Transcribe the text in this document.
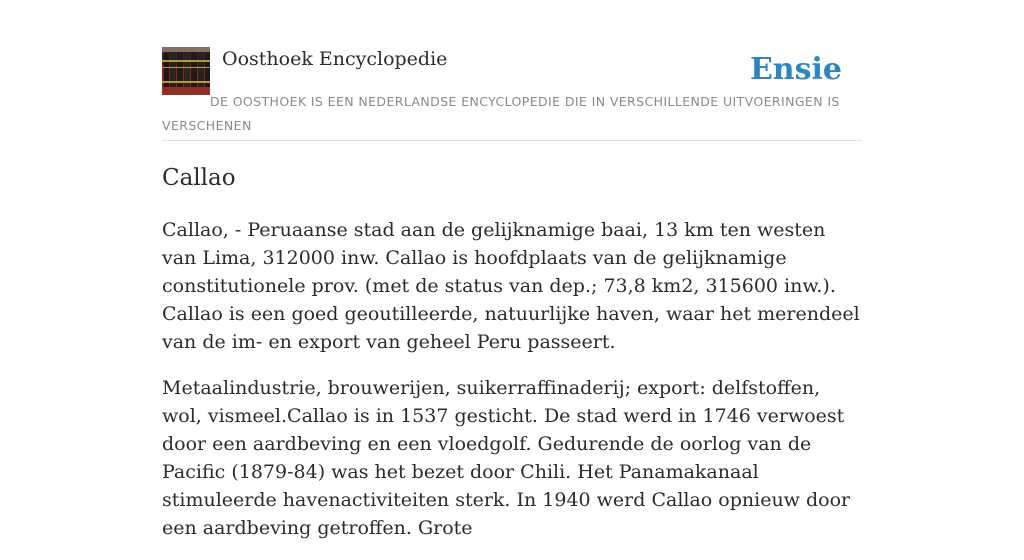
Oosthoek Encyclopedie	Ensie
DE OOSTHOEK IS EEN NEDERLANDSE ENCYCLOPEDIE DIE IN VERSCHILLENDE UITVOERINGEN IS VERSCHENEN
Callao

Callao, - Peruaanse stad aan de gelijknamige baai, 13 km ten westen van Lima, 312000 inw. Callao is hoofdplaats van de gelijknamige constitutionele prov. (met de status van dep.; 73,8 km2, 315600 inw.). Callao is een goed geoutilleerde, natuurlijke haven, waar het merendeel van de im- en export van geheel Peru passeert.

Metaalindustrie, brouwerijen, suikerraffinaderij; export: delfstoffen, wol, vismeel.Callao is in 1537 gesticht. De stad werd in 1746 verwoest door een aardbeving en een vloedgolf. Gedurende de oorlog van de Pacific (1879-84) was het bezet door Chili. Het Panamakanaal stimuleerde havenactiviteiten sterk. In 1940 werd Callao opnieuw door een aardbeving getroffen. Grote
